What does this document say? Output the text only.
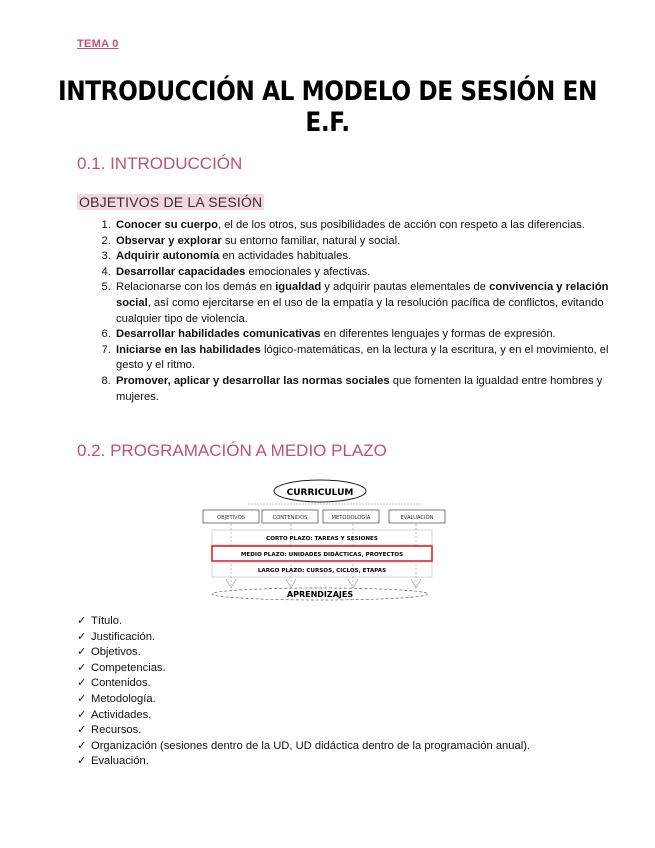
TEMA 0
INTRODUCCIÓN AL MODELO DE SESIÓN EN E.F.
0.1. INTRODUCCIÓN
OBJETIVOS DE LA SESIÓN
1. Conocer su cuerpo, el de los otros, sus posibilidades de acción con respeto a las diferencias.
2. Observar y explorar su entorno familiar, natural y social.
3. Adquirir autonomía en actividades habituales.
4. Desarrollar capacidades emocionales y afectivas.
5. Relacionarse con los demás en igualdad y adquirir pautas elementales de convivencia y relación social, así como ejercitarse en el uso de la empatía y la resolución pacífica de conflictos, evitando cualquier tipo de violencia.
6. Desarrollar habilidades comunicativas en diferentes lenguajes y formas de expresión.
7. Iniciarse en las habilidades lógico-matemáticas, en la lectura y la escritura, y en el movimiento, el gesto y el ritmo.
8. Promover, aplicar y desarrollar las normas sociales que fomenten la igualdad entre hombres y mujeres.
0.2. PROGRAMACIÓN A MEDIO PLAZO
CURRICULUM
OBJETIVOS	CONTENIDOS	METODOLOGÍA	EVALUACIÓN
CORTO PLAZO: TAREAS Y SESIONES
MEDIO PLAZO: UNIDADES DIDÁCTICAS, PROYECTOS
LARGO PLAZO: CURSOS, CICLOS, ETAPAS
APRENDIZAJES
✓ Título.
✓ Justificación.
✓ Objetivos.
✓ Competencias.
✓ Contenidos.
✓ Metodología.
✓ Actividades.
✓ Recursos.
✓ Organización (sesiones dentro de la UD, UD didáctica dentro de la programación anual).
✓ Evaluación.
